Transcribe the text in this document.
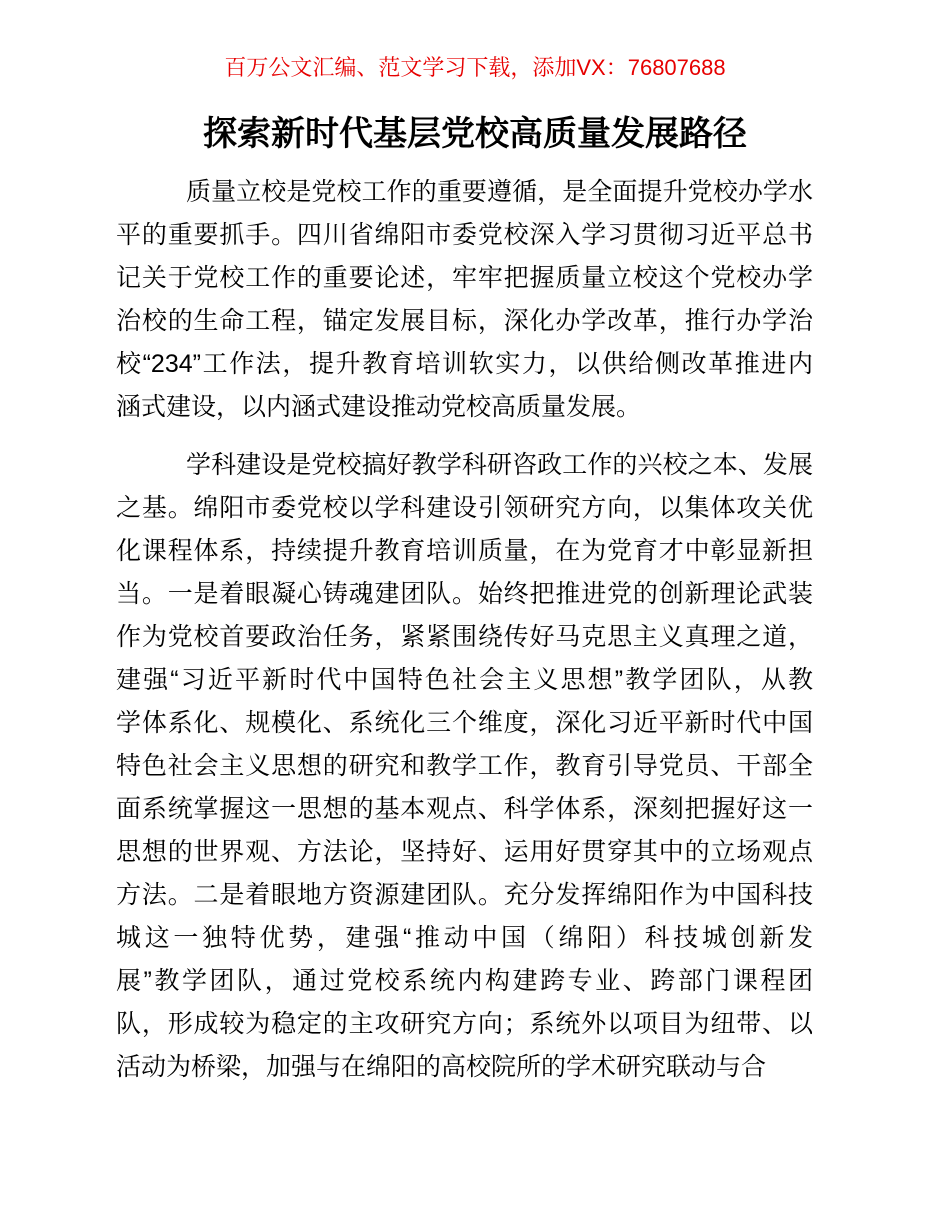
百万公文汇编、范文学习下载，添加VX：76807688
探索新时代基层党校高质量发展路径
质量立校是党校工作的重要遵循，是全面提升党校办学水
平的重要抓手。四川省绵阳市委党校深入学习贯彻习近平总书
记关于党校工作的重要论述，牢牢把握质量立校这个党校办学
治校的生命工程，锚定发展目标，深化办学改革，推行办学治
校“234”工作法，提升教育培训软实力，以供给侧改革推进内
涵式建设，以内涵式建设推动党校高质量发展。
学科建设是党校搞好教学科研咨政工作的兴校之本、发展
之基。绵阳市委党校以学科建设引领研究方向，以集体攻关优
化课程体系，持续提升教育培训质量，在为党育才中彰显新担
当。一是着眼凝心铸魂建团队。始终把推进党的创新理论武装
作为党校首要政治任务，紧紧围绕传好马克思主义真理之道，
建强“习近平新时代中国特色社会主义思想”教学团队，从教
学体系化、规模化、系统化三个维度，深化习近平新时代中国
特色社会主义思想的研究和教学工作，教育引导党员、干部全
面系统掌握这一思想的基本观点、科学体系，深刻把握好这一
思想的世界观、方法论，坚持好、运用好贯穿其中的立场观点
方法。二是着眼地方资源建团队。充分发挥绵阳作为中国科技
城这一独特优势，建强“推动中国（绵阳）科技城创新发
展”教学团队，通过党校系统内构建跨专业、跨部门课程团
队，形成较为稳定的主攻研究方向；系统外以项目为纽带、以
活动为桥梁，加强与在绵阳的高校院所的学术研究联动与合
